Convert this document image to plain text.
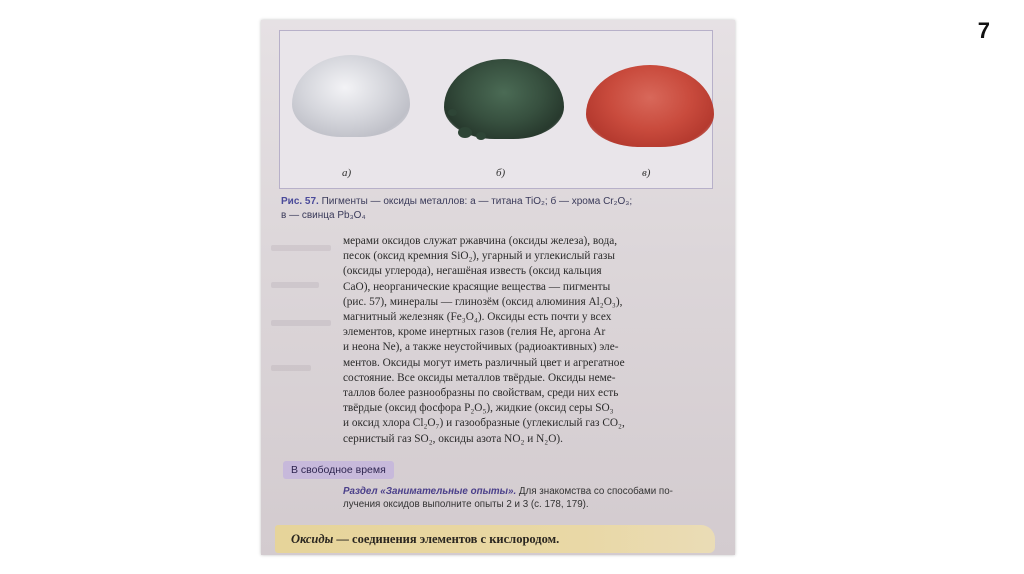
7
а)	б)	в)
Рис. 57. Пигменты — оксиды металлов: а — титана TiO₂; б — хрома Cr₂O₃;
в — свинца Pb₃O₄

мерами оксидов служат ржавчина (оксиды железа), вода,

песок (оксид кремния SiO₂), угарный и углекислый газы

(оксиды углерода), негашёная известь (оксид кальция

CaO), неорганические красящие вещества — пигменты

(рис. 57), минералы — глинозём (оксид алюминия Al₂O₃),

магнитный железняк (Fe₃O₄). Оксиды есть почти у всех

элементов, кроме инертных газов (гелия He, аргона Ar

и неона Ne), а также неустойчивых (радиоактивных) эле-

ментов. Оксиды могут иметь различный цвет и агрегатное

состояние. Все оксиды металлов твёрдые. Оксиды неме-

таллов более разнообразны по свойствам, среди них есть

твёрдые (оксид фосфора P₂O₅), жидкие (оксид серы SO₃

и оксид хлора Cl₂O₇) и газообразные (углекислый газ CO₂,

сернистый газ SO₂, оксиды азота NO₂ и N₂O).

В свободное время
Раздел «Занимательные опыты». Для знакомства со способами по-
лучения оксидов выполните опыты 2 и 3 (с. 178, 179).
Оксиды — соединения элементов с кислородом.
